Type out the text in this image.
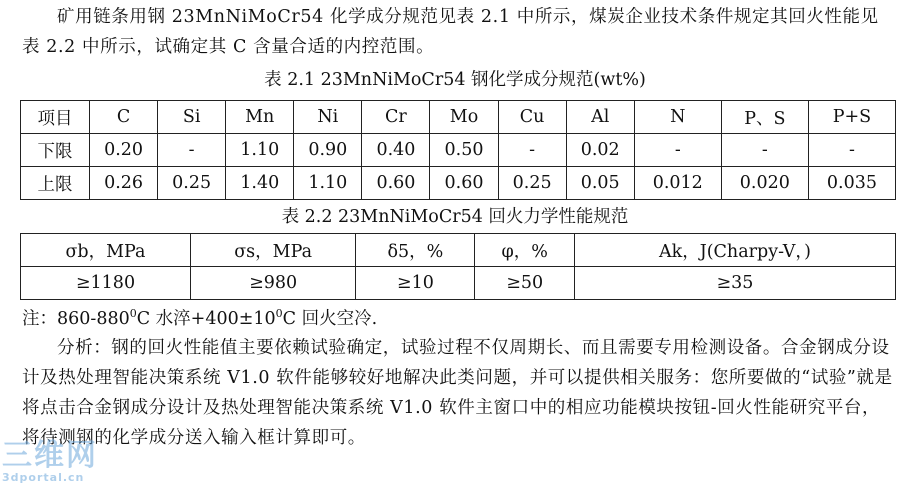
矿用链条用钢 23MnNiMoCr54 化学成分规范见表 2.1 中所示，煤炭企业技术条件规定其回火性能见表 2.2 中所示，试确定其 C 含量合适的内控范围。

表 2.1 23MnNiMoCr54 钢化学成分规范(wt%)
项目	C	Si	Mn	Ni	Cr	Mo	Cu	Al	N	P、S	P+S
下限	0.20	-	1.10	0.90	0.40	0.50	-	0.02	-	-	-
上限	0.26	0.25	1.40	1.10	0.60	0.60	0.25	0.05	0.012	0.020	0.035
表 2.2 23MnNiMoCr54 回火力学性能规范
σb，MPa	σs，MPa	δ5，%	φ，%	Ak，J(Charpy-V，)
≥1180	≥980	≥10	≥50	≥35
注：$860-880^0C$ 水淬$+400\pm 10^0C$ 回火空冷.

分析：钢的回火性能值主要依赖试验确定，试验过程不仅周期长、而且需要专用检测设备。合金钢成分设计及热处理智能决策系统 V1.0 软件能够较好地解决此类问题，并可以提供相关服务：您所要做的“试验”就是将点击合金钢成分设计及热处理智能决策系统 V1.0 软件主窗口中的相应功能模块按钮-回火性能研究平台，将待测钢的化学成分送入输入框计算即可。

三维网
3dportal.cn
